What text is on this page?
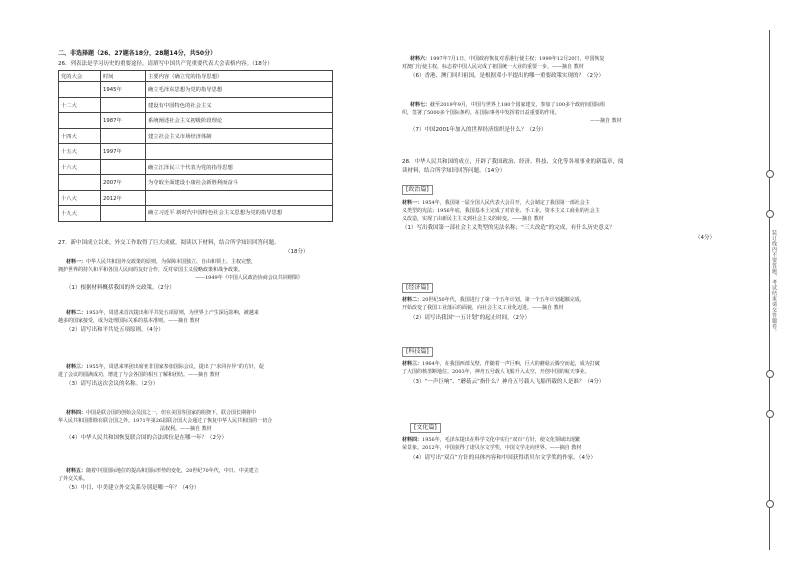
二、非选择题（26、27题各18分，28题14分，共50分）
26．列表法是学习历史的重要途径。请填写中国共产党重要代表大会表格内容。（18分）
党的大会	时间	主要内容（确立党的指导思想）
	1945年	确立毛泽东思想为党的指导思想
十二大		建设有中国特色的社会主义
	1987年	系统阐述社会主义初级阶段理论
十四大		建立社会主义市场经济体制
十五大	1997年	
十六大		确立江泽民三个代表为党的指导思想
	2007年	为夺取全面建设小康社会新胜利而奋斗
十八大	2012年	
十九大		确立习近平 新时代中国特色社会主义思想为党的指导思想
27．新中国成立以来，外交工作取得了巨大成就。阅读以下材料，结合所学知识回答问题。
（18分）
材料一：中华人民共和国外交政策的原则，为保障本国独立、自由和领土、主权完整，
拥护世界的持久和平和各国人民间的友好合作，反对帝国主义侵略政策和战争政策。
——1949年《中国人民政治协商会议共同纲领》
（1）根据材料概括我国的外交政策。（2分）
材料二：1953年，周恩来首次提出和平共处五项原则，为世界上产生深远影响，被越来
越多的国家接受，成为处理国际关系的基本准则。——摘自 教材
（2）请写出和平共处五项原则。（4分）
材料三：1955年，周恩来率团出席亚非国家参加国际会议，提出了“求同存异”的方针，促
进了会议的圆满成功，增进了与会各国的相互了解和团结。——摘自 教材
（3）请写出这次会议的名称。（2分）
材料四：中国是联合国的创始会员国之一，但在美国等国家的阻挠下，联合国长期将中
华人民共和国排除在联合国之外。1971年第26届联合国大会通过了恢复中华人民共和国的一切合
法权利。——摘自 教材
（4）中华人民共和国恢复联合国的合法席位是在哪一年？（2分）
材料五：随着中国国际地位的提高和国际形势的变化，20世纪70年代，中日、中美建立
了外交关系。
（5）中日、中美建立外交关系分别是哪一年？（4分）
材料六：1997年7月1日，中国政府恢复对香港行使主权；1999年12月20日，中国恢复
对澳门行使主权，标志着中国人民完成了祖国统一大业的重要一步。——摘自 教材
（6）香港、澳门回归祖国，是根据邓小平提出的哪一重要政策实现的？（2分）
材料七：截至2019年9月，中国与世界上180个国家建交，参加了100多个政府间国际组
织，签署了5000多个国际条约。在国际事务中发挥着日益重要的作用。
——摘自 教材
（7）中国2001年加入的世界经济组织是什么？（2分）
28．中华人民共和国的成立，开辟了我国政治、经济、科技、文化等各项事业的新篇章，阅
读材料，结合所学知识回答问题。（14分）
[政治篇]
材料一：1954年，我国第一届全国人民代表大会召开，大会制定了我国第一部社会主
义类型的宪法；1956年底，我国基本上完成了对农业、手工业、资本主义工商业的社会主
义改造，实现了由新民主主义到社会主义的转变。——摘自 教材
（1）写出我国第一部社会主义类型的宪法名称；“三大改造”的完成，有什么历史意义？
（4分）
[经济篇]
材料二：20世纪50年代，我国进行了第一个五年计划，第一个五年计划超额完成，
开始改变了我国工业落后的面貌，向社会主义工业化迈进。——摘自 教材
（2）请写出我国“一五计划”的起止时间。（2分）
[科技篇]
材料三：1964年，在我国西部戈壁，伴随着一声巨响，巨大的蘑菇云腾空而起，成为打破
了大国的核垄断地位。2003年，神舟五号载人飞船升入太空，开创中国的航天事业。
（3）“一声巨响”、“蘑菇云”指什么？神舟五号载人飞船所载的人是谁？（4分）
[文化篇]
材料四：1956年，毛泽东提出在科学文化中实行“双百”方针，使文化领域出现繁
荣景象。2012年，中国获得了诺贝尔文学奖，中国文学走向世界。——摘自 教材
（4）请写出“双百”方针的具体内容和中国获得诺贝尔文学奖的作家。（4分）
装订线内不要答题，考试结束请交答题卷。
